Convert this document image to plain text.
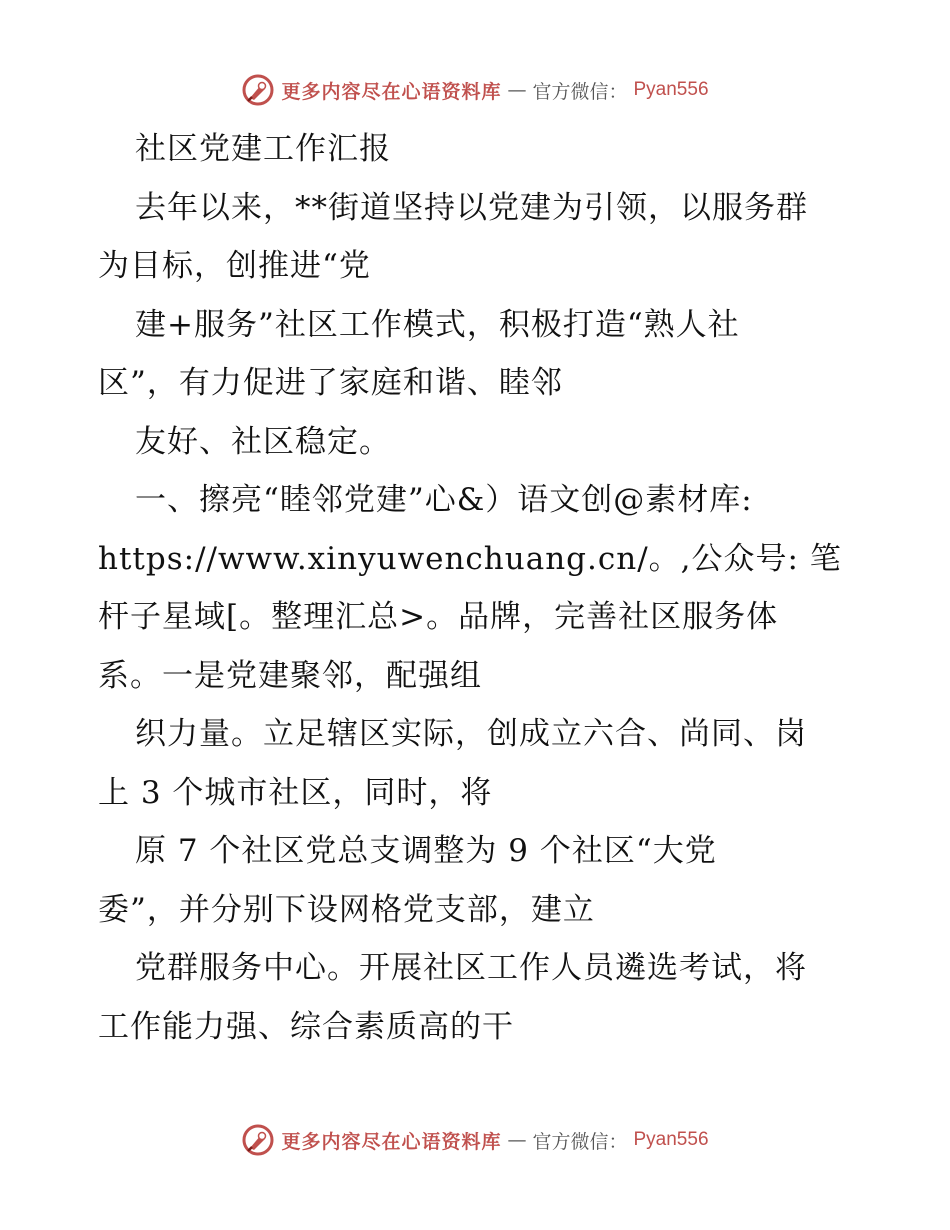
更多内容尽在心语资料库 — 官方微信： Pyan556
社区党建工作汇报
去年以来，**街道坚持以党建为引领，以服务群
为目标，创推进“党
建+服务”社区工作模式，积极打造“熟人社
区”，有力促进了家庭和谐、睦邻
友好、社区稳定。
一、擦亮“睦邻党建”心&）语文创@素材库:
https://www.xinyuwenchuang.cn/。,公众号: 笔
杆子星域[。整理汇总>。品牌，完善社区服务体
系。一是党建聚邻，配强组
织力量。立足辖区实际，创成立六合、尚同、岗
上 3 个城市社区，同时，将
原 7 个社区党总支调整为 9 个社区“大党
委”，并分别下设网格党支部，建立
党群服务中心。开展社区工作人员遴选考试，将
工作能力强、综合素质高的干
更多内容尽在心语资料库 — 官方微信： Pyan556
